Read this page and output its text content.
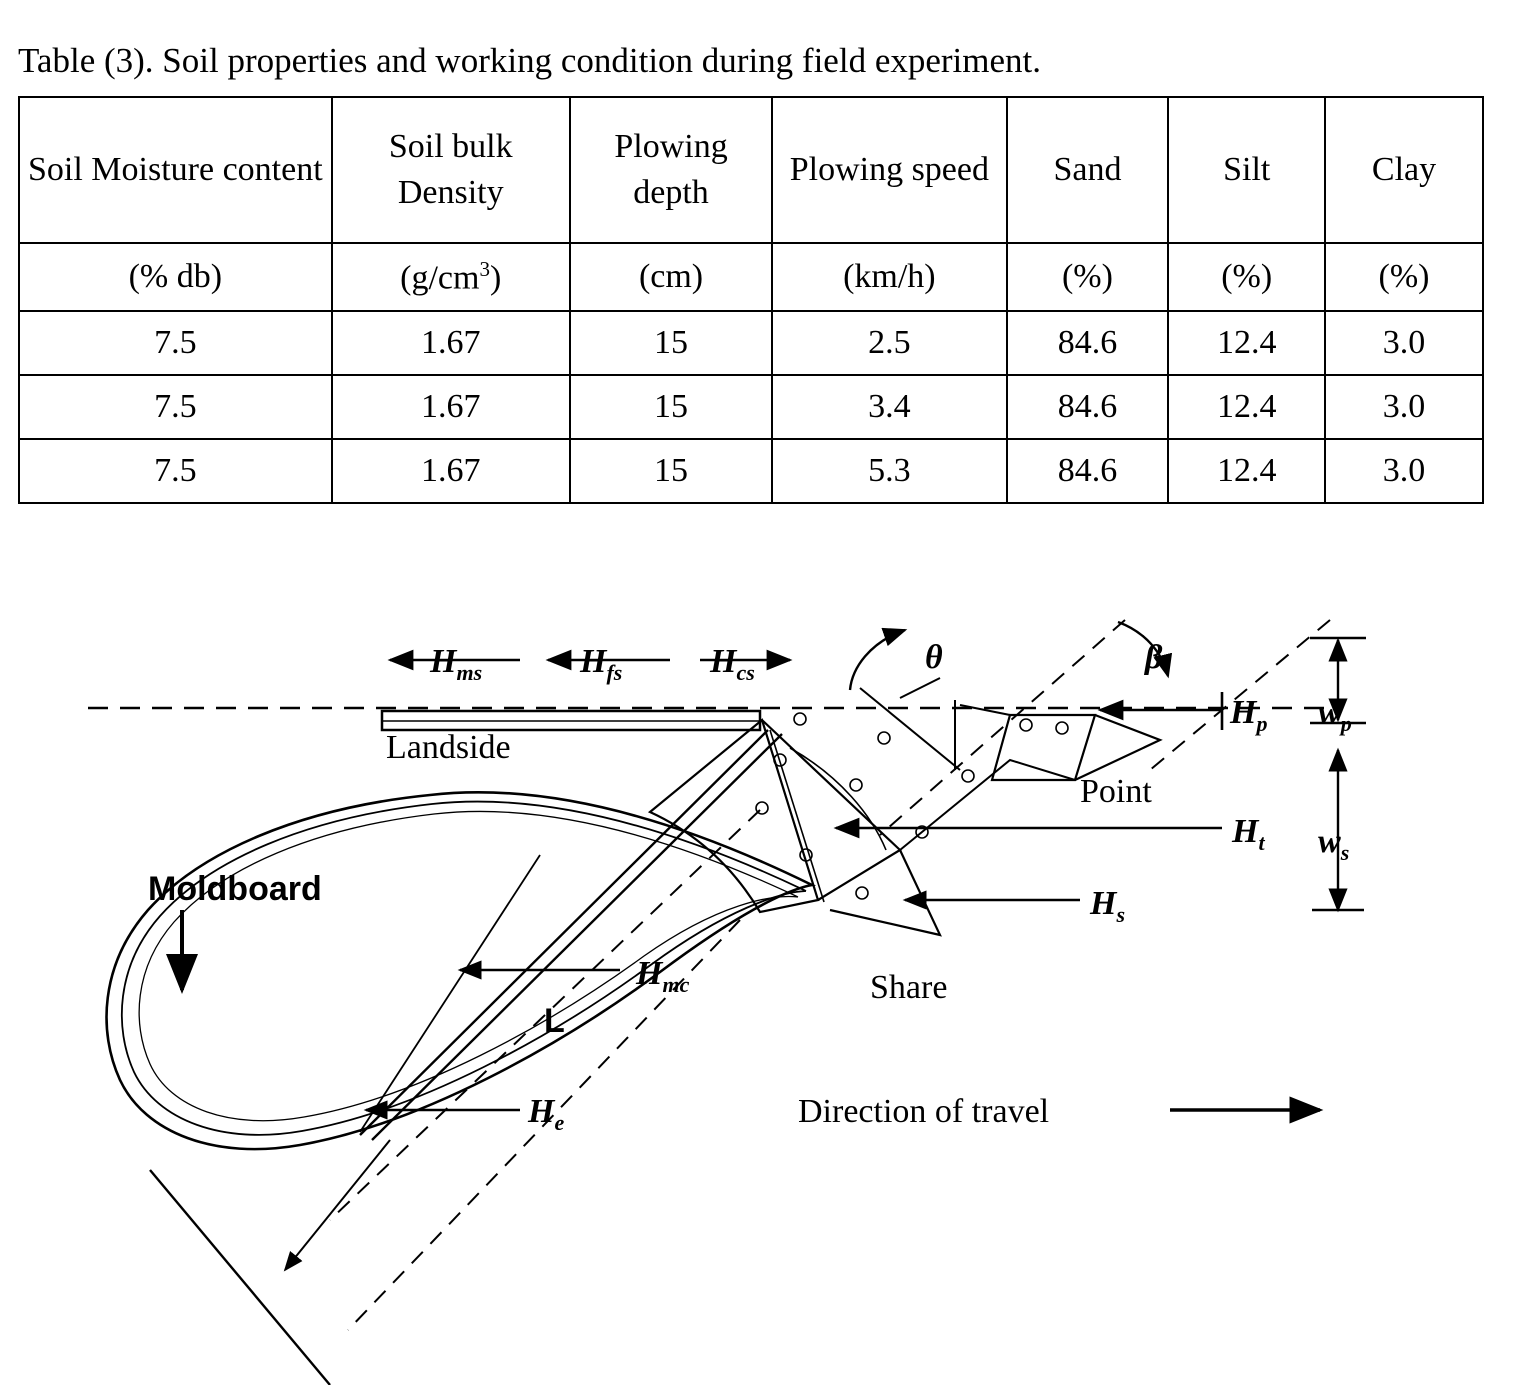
Table (3). Soil properties and working condition during field experiment.
Soil Moisture content	Soil bulk Density	Plowing depth	Plowing speed	Sand	Silt	Clay
(% db)	$(g/cm^3)$	(cm)	(km/h)	(%)	(%)	(%)
7.5	1.67	15	2.5	84.6	12.4	3.0
7.5	1.67	15	3.4	84.6	12.4	3.0
7.5	1.67	15	5.3	84.6	12.4	3.0
$H_{ms}$	$H_{fs}$	$H_{cs}$	θ	β
$H_p$ $w_p$
$H_t$ $w_s$
$H_s$
$H_{mc}$
$H_e$
L
Landside
Moldboard
Point
Share
Direction of travel
